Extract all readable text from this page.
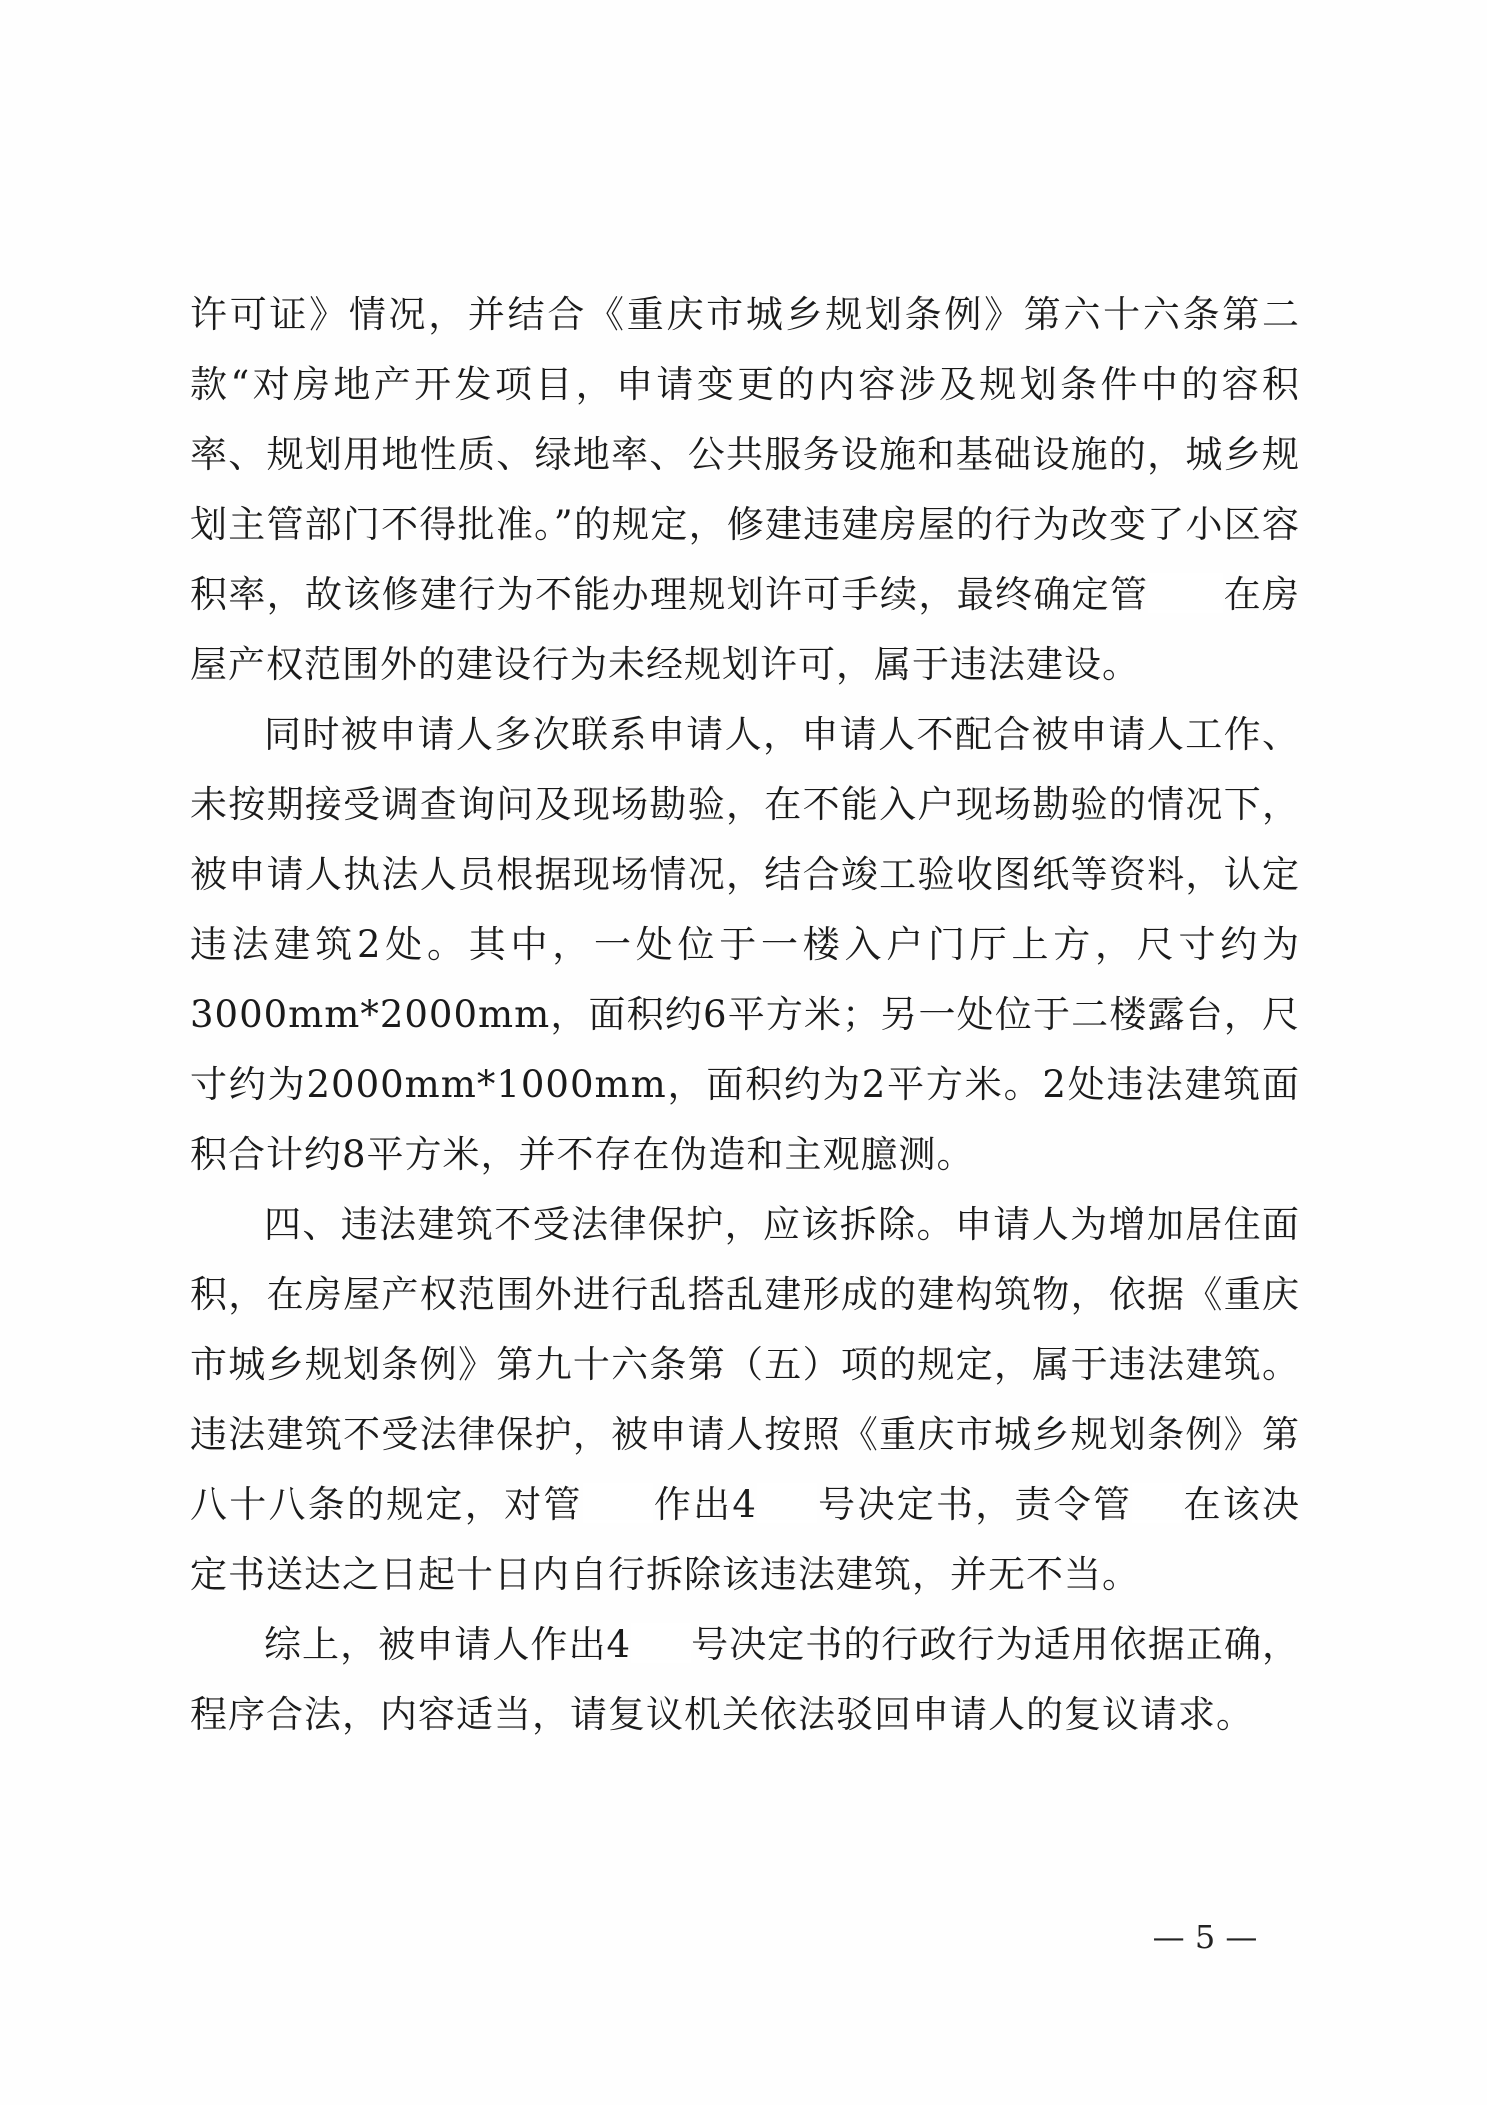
许可证》情况，并结合《重庆市城乡规划条例》第六十六条第二款“对房地产开发项目，申请变更的内容涉及规划条件中的容积率、规划用地性质、绿地率、公共服务设施和基础设施的，城乡规划主管部门不得批准。”的规定，修建违建房屋的行为改变了小区容积率，故该修建行为不能办理规划许可手续，最终确定管 在房屋产权范围外的建设行为未经规划许可，属于违法建设。

同时被申请人多次联系申请人，申请人不配合被申请人工作、未按期接受调查询问及现场勘验，在不能入户现场勘验的情况下，被申请人执法人员根据现场情况，结合竣工验收图纸等资料，认定违法建筑2处。其中，一处位于一楼入户门厅上方，尺寸约为3000mm*2000mm，面积约6平方米；另一处位于二楼露台，尺寸约为2000mm*1000mm，面积约为2平方米。2处违法建筑面积合计约8平方米，并不存在伪造和主观臆测。

四、违法建筑不受法律保护，应该拆除。申请人为增加居住面积，在房屋产权范围外进行乱搭乱建形成的建构筑物，依据《重庆市城乡规划条例》第九十六条第（五）项的规定，属于违法建筑。违法建筑不受法律保护，被申请人按照《重庆市城乡规划条例》第八十八条的规定，对管 作出4 号决定书，责令管 在该决定书送达之日起十日内自行拆除该违法建筑，并无不当。

综上，被申请人作出4 号决定书的行政行为适用依据正确，程序合法，内容适当，请复议机关依法驳回申请人的复议请求。

— 5 —
